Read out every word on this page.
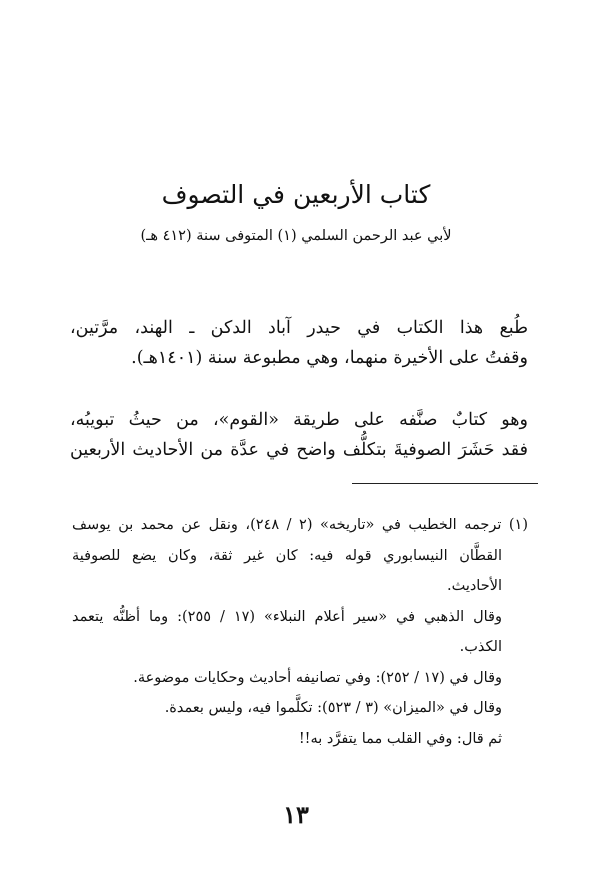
كتاب الأربعين في التصوف
لأبي عبد الرحمن السلمي (١) المتوفى سنة (٤١٢ هـ)
طُبع هذا الكتاب في حيدر آباد الدكن ـ الهند، مرَّتين،
وقفتُ على الأخيرة منهما، وهي مطبوعة سنة (١٤٠١هـ).
وهو كتابٌ صنَّفه على طريقة «القوم»، من حيثُ تبويبُه،
فقد حَشَرَ الصوفيةَ بتكلُّف واضح في عدَّة من الأحاديث الأربعين
(١) ترجمه الخطيب في «تاريخه» (٢ / ٢٤٨)، ونقل عن محمد بن يوسف
القطَّان النيسابوري قوله فيه: كان غير ثقة، وكان يضع للصوفية
الأحاديث.
وقال الذهبي في «سير أعلام النبلاء» (١٧ / ٢٥٥): وما أظنُّه يتعمد
الكذب.
وقال في (١٧ / ٢٥٢): وفي تصانيفه أحاديث وحكايات موضوعة.
وقال في «الميزان» (٣ / ٥٢٣): تكلَّموا فيه، وليس بعمدة.
ثم قال: وفي القلب مما يتفرَّد به!!
١٣
